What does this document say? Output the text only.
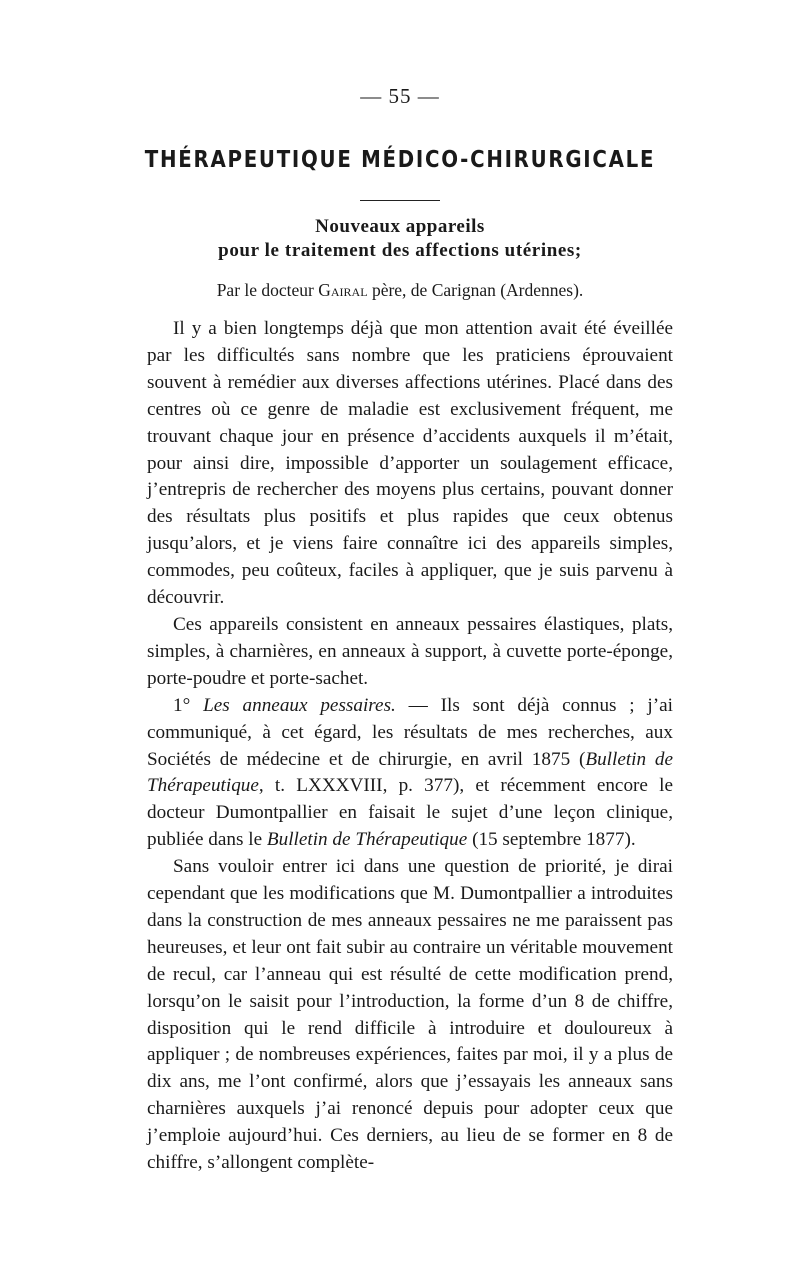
— 55 —
THÉRAPEUTIQUE MÉDICO-CHIRURGICALE
Nouveaux appareils
pour le traitement des affections utérines;
Par le docteur Gairal père, de Carignan (Ardennes).

Il y a bien longtemps déjà que mon attention avait été éveillée par les difficultés sans nombre que les praticiens éprouvaient souvent à remédier aux diverses affections utérines. Placé dans des centres où ce genre de maladie est exclusivement fréquent, me trouvant chaque jour en présence d’accidents auxquels il m’était, pour ainsi dire, impossible d’apporter un soulagement efficace, j’entrepris de rechercher des moyens plus certains, pouvant donner des résultats plus positifs et plus rapides que ceux obtenus jusqu’alors, et je viens faire connaître ici des appareils simples, commodes, peu coûteux, faciles à appliquer, que je suis parvenu à découvrir.

Ces appareils consistent en anneaux pessaires élastiques, plats, simples, à charnières, en anneaux à support, à cuvette porte-éponge, porte-poudre et porte-sachet.

1° Les anneaux pessaires. — Ils sont déjà connus ; j’ai communiqué, à cet égard, les résultats de mes recherches, aux Sociétés de médecine et de chirurgie, en avril 1875 (Bulletin de Thérapeutique, t. LXXXVIII, p. 377), et récemment encore le docteur Dumontpallier en faisait le sujet d’une leçon clinique, publiée dans le Bulletin de Thérapeutique (15 septembre 1877).

Sans vouloir entrer ici dans une question de priorité, je dirai cependant que les modifications que M. Dumontpallier a introduites dans la construction de mes anneaux pessaires ne me paraissent pas heureuses, et leur ont fait subir au contraire un véritable mouvement de recul, car l’anneau qui est résulté de cette modification prend, lorsqu’on le saisit pour l’introduction, la forme d’un 8 de chiffre, disposition qui le rend difficile à introduire et douloureux à appliquer ; de nombreuses expériences, faites par moi, il y a plus de dix ans, me l’ont confirmé, alors que j’essayais les anneaux sans charnières auxquels j’ai renoncé depuis pour adopter ceux que j’emploie aujourd’hui. Ces derniers, au lieu de se former en 8 de chiffre, s’allongent complète-
